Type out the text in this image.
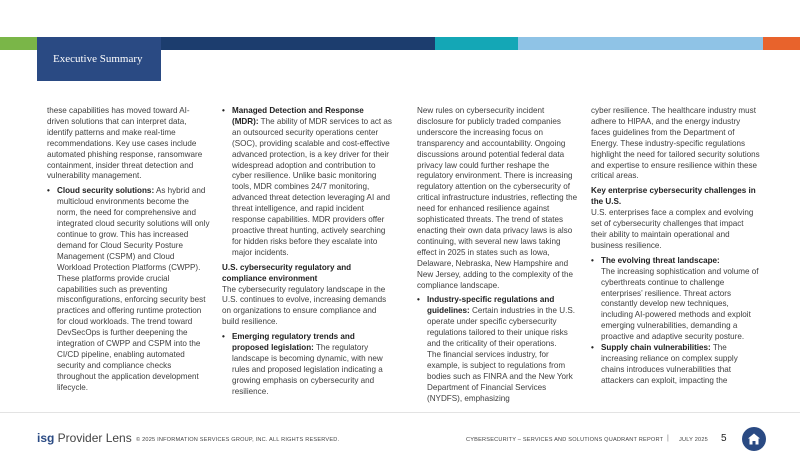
Executive Summary

these capabilities has moved toward AI-driven solutions that can interpret data, identify patterns and make real-time recommendations. Key use cases include automated phishing response, ransomware containment, insider threat detection and vulnerability management.

• Cloud security solutions: As hybrid and multicloud environments become the norm, the need for comprehensive and integrated cloud security solutions will only continue to grow. This has increased demand for Cloud Security Posture Management (CSPM) and Cloud Workload Protection Platforms (CWPP). These platforms provide crucial capabilities such as preventing misconfigurations, enforcing security best practices and offering runtime protection for cloud workloads. The trend toward DevSecOps is further deepening the integration of CWPP and CSPM into the CI/CD pipeline, enabling automated security and compliance checks throughout the application development lifecycle.

• Managed Detection and Response (MDR): The ability of MDR services to act as an outsourced security operations center (SOC), providing scalable and cost-effective advanced protection, is a key driver for their widespread adoption and contribution to cyber resilience. Unlike basic monitoring tools, MDR combines 24/7 monitoring, advanced threat detection leveraging AI and threat intelligence, and rapid incident response capabilities. MDR providers offer proactive threat hunting, actively searching for hidden risks before they escalate into major incidents.

U.S. cybersecurity regulatory and compliance environment

The cybersecurity regulatory landscape in the U.S. continues to evolve, increasing demands on organizations to ensure compliance and build resilience.

• Emerging regulatory trends and proposed legislation: The regulatory landscape is becoming dynamic, with new rules and proposed legislation indicating a growing emphasis on cybersecurity and resilience.

New rules on cybersecurity incident disclosure for publicly traded companies underscore the increasing focus on transparency and accountability. Ongoing discussions around potential federal data privacy law could further reshape the regulatory environment. There is increasing regulatory attention on the cybersecurity of critical infrastructure industries, reflecting the need for enhanced resilience against sophisticated threats. The trend of states enacting their own data privacy laws is also continuing, with several new laws taking effect in 2025 in states such as Iowa, Delaware, Nebraska, New Hampshire and New Jersey, adding to the complexity of the compliance landscape.

• Industry-specific regulations and guidelines: Certain industries in the U.S. operate under specific cybersecurity regulations tailored to their unique risks and the criticality of their operations.

The financial services industry, for example, is subject to regulations from bodies such as FINRA and the New York Department of Financial Services (NYDFS), emphasizing

cyber resilience. The healthcare industry must adhere to HIPAA, and the energy industry faces guidelines from the Department of Energy. These industry-specific regulations highlight the need for tailored security solutions and expertise to ensure resilience within these critical areas.

Key enterprise cybersecurity challenges in the U.S.

U.S. enterprises face a complex and evolving set of cybersecurity challenges that impact their ability to maintain operational and business resilience.

• The evolving threat landscape:
The increasing sophistication and volume of cyberthreats continue to challenge enterprises’ resilience. Threat actors constantly develop new techniques, including AI-powered methods and exploit emerging vulnerabilities, demanding a proactive and adaptive security posture.

• Supply chain vulnerabilities: The increasing reliance on complex supply chains introduces vulnerabilities that attackers can exploit, impacting the

isg Provider Lens © 2025 INFORMATION SERVICES GROUP, INC. ALL RIGHTS RESERVED.	CYBERSECURITY – SERVICES AND SOLUTIONS QUADRANT REPORT | JULY 2025 5
